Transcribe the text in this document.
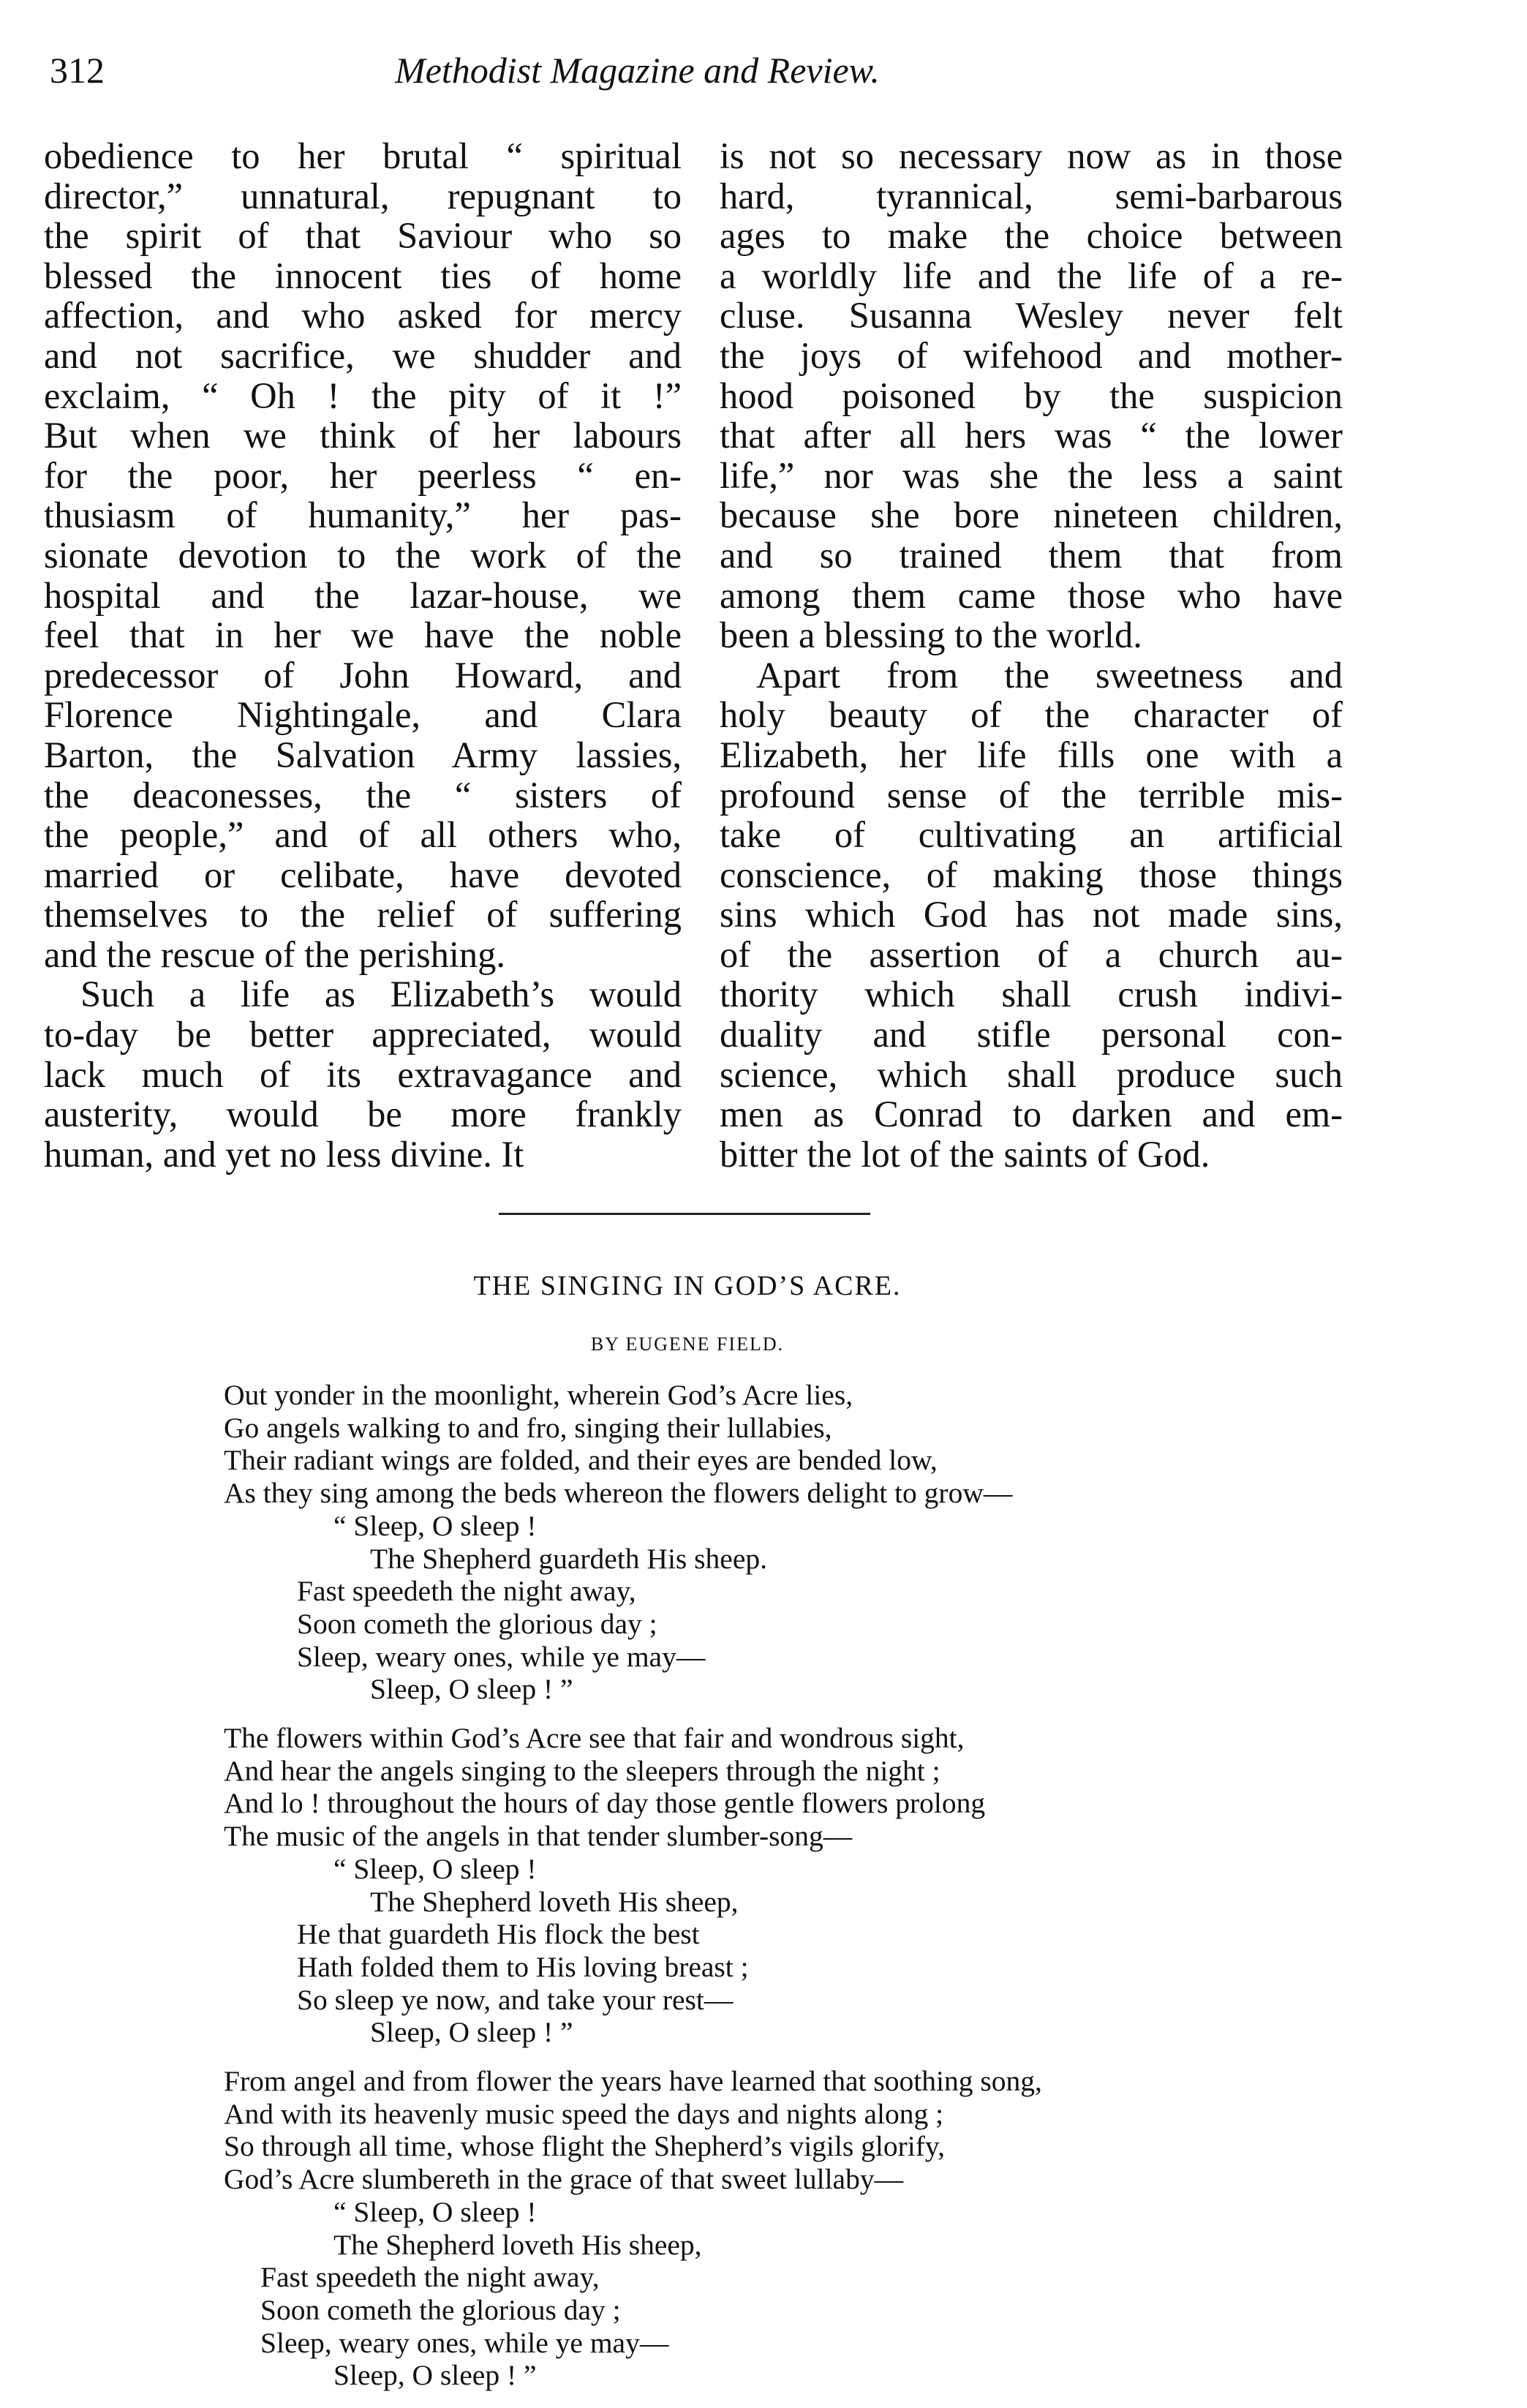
312	Methodist Magazine and Review.

obedience to her brutal “ spiritual
director,” unnatural, repugnant to
the spirit of that Saviour who so
blessed the innocent ties of home
affection, and who asked for mercy
and not sacrifice, we shudder and
exclaim, “ Oh ! the pity of it !”
But when we think of her labours
for the poor, her peerless “ en-
thusiasm of humanity,” her pas-
sionate devotion to the work of the
hospital and the lazar-house, we
feel that in her we have the noble
predecessor of John Howard, and
Florence Nightingale, and Clara
Barton, the Salvation Army lassies,
the deaconesses, the “ sisters of
the people,” and of all others who,
married or celibate, have devoted
themselves to the relief of suffering
and the rescue of the perishing.

Such a life as Elizabeth’s would
to-day be better appreciated, would
lack much of its extravagance and
austerity, would be more frankly
human, and yet no less divine. It

is not so necessary now as in those
hard, tyrannical, semi-barbarous
ages to make the choice between
a worldly life and the life of a re-
cluse. Susanna Wesley never felt
the joys of wifehood and mother-
hood poisoned by the suspicion
that after all hers was “ the lower
life,” nor was she the less a saint
because she bore nineteen children,
and so trained them that from
among them came those who have
been a blessing to the world.

Apart from the sweetness and
holy beauty of the character of
Elizabeth, her life fills one with a
profound sense of the terrible mis-
take of cultivating an artificial
conscience, of making those things
sins which God has not made sins,
of the assertion of a church au-
thority which shall crush indivi-
duality and stifle personal con-
science, which shall produce such
men as Conrad to darken and em-
bitter the lot of the saints of God.

THE SINGING IN GOD’S ACRE.

BY EUGENE FIELD.

Out yonder in the moonlight, wherein God’s Acre lies,
Go angels walking to and fro, singing their lullabies,
Their radiant wings are folded, and their eyes are bended low,
As they sing among the beds whereon the flowers delight to grow—
“ Sleep, O sleep !
The Shepherd guardeth His sheep.
Fast speedeth the night away,
Soon cometh the glorious day ;
Sleep, weary ones, while ye may—
Sleep, O sleep ! ”
The flowers within God’s Acre see that fair and wondrous sight,
And hear the angels singing to the sleepers through the night ;
And lo ! throughout the hours of day those gentle flowers prolong
The music of the angels in that tender slumber-song—
“ Sleep, O sleep !
The Shepherd loveth His sheep,
He that guardeth His flock the best
Hath folded them to His loving breast ;
So sleep ye now, and take your rest—
Sleep, O sleep ! ”
From angel and from flower the years have learned that soothing song,
And with its heavenly music speed the days and nights along ;
So through all time, whose flight the Shepherd’s vigils glorify,
God’s Acre slumbereth in the grace of that sweet lullaby—
“ Sleep, O sleep !
The Shepherd loveth His sheep,
Fast speedeth the night away,
Soon cometh the glorious day ;
Sleep, weary ones, while ye may—
Sleep, O sleep ! ”
